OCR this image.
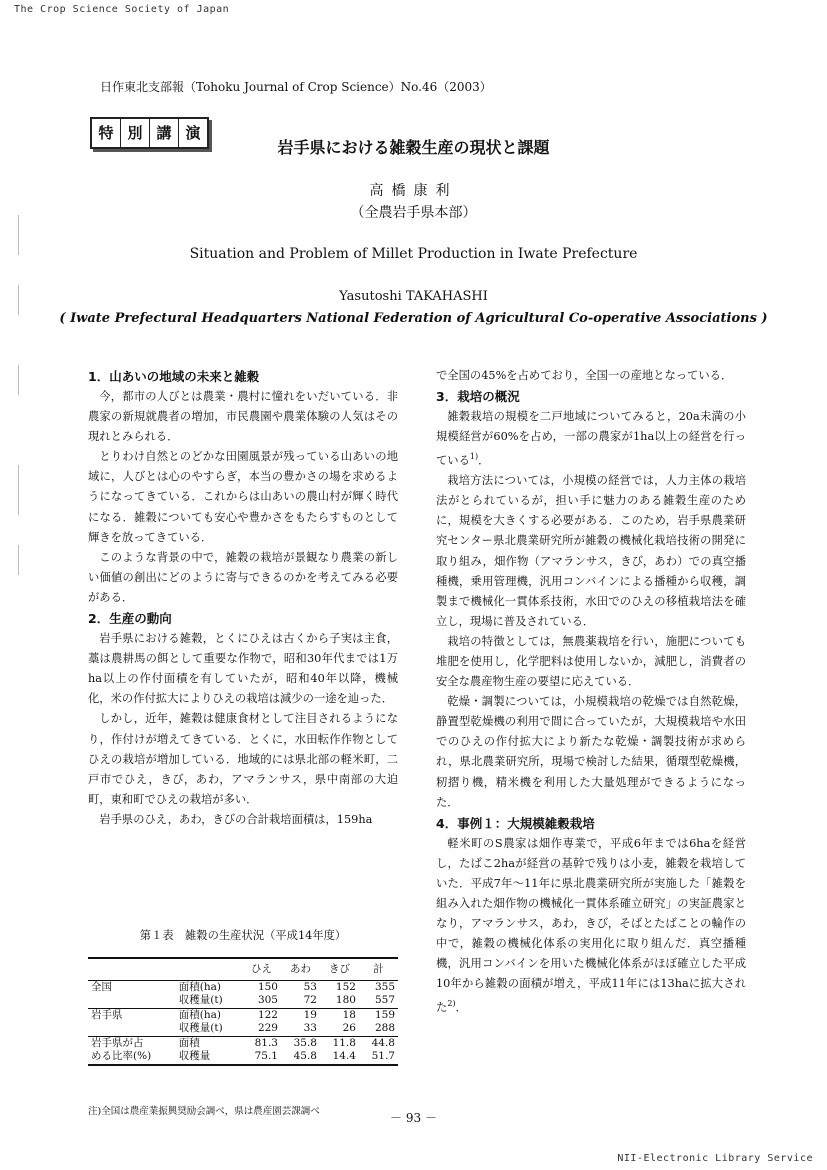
The Crop Science Society of Japan
NII-Electronic Library Service
日作東北支部報（Tohoku Journal of Crop Science）No.46（2003）
特 別 講 演
岩手県における雑穀生産の現状と課題
高橋康利
（全農岩手県本部）
Situation and Problem of Millet Production in Iwate Prefecture
Yasutoshi TAKAHASHI
( Iwate Prefectural Headquarters National Federation of Agricultural Co-operative Associations )
1．山あいの地域の未来と雑穀

今，都市の人びとは農業・農村に憧れをいだいている．非農家の新規就農者の増加，市民農園や農業体験の人気はその現れとみられる．

とりわけ自然とのどかな田園風景が残っている山あいの地域に，人びとは心のやすらぎ，本当の豊かさの場を求めるようになってきている．これからは山あいの農山村が輝く時代になる．雑穀についても安心や豊かさをもたらすものとして輝きを放ってきている．

このような背景の中で，雑穀の栽培が景観なり農業の新しい価値の創出にどのように寄与できるのかを考えてみる必要がある．

2．生産の動向

岩手県における雑穀，とくにひえは古くから子実は主食，藁は農耕馬の餌として重要な作物で，昭和30年代までは1万ha以上の作付面積を有していたが，昭和40年以降，機械化，米の作付拡大によりひえの栽培は減少の一途を辿った．

しかし，近年，雑穀は健康食材として注目されるようになり，作付けが増えてきている．とくに，水田転作作物としてひえの栽培が増加している．地域的には県北部の軽米町，二戸市でひえ，きび，あわ，アマランサス，県中南部の大迫町，東和町でひえの栽培が多い．

岩手県のひえ，あわ，きびの合計栽培面積は，159ha

第１表　雑穀の生産状況（平成14年度）
		ひえ	あわ	きび	計
全国	面積(ha)	150	53	152	355
	収穫量(t)	305	72	180	557
岩手県	面積(ha)	122	19	18	159
	収穫量(t)	229	33	26	288
岩手県が占	面積	81.3	35.8	11.8	44.8
める比率(%)	収穫量	75.1	45.8	14.4	51.7
注)全国は農産業振興奨励会調べ，県は農産園芸課調べ

で全国の45%を占めており，全国一の産地となっている．

3．栽培の概況

雑穀栽培の規模を二戸地域についてみると，20a未満の小規模経営が60%を占め，一部の農家が1ha以上の経営を行っている$^{1)}$．

栽培方法については，小規模の経営では，人力主体の栽培法がとられているが，担い手に魅力のある雑穀生産のために，規模を大きくする必要がある．このため，岩手県農業研究センター県北農業研究所が雑穀の機械化栽培技術の開発に取り組み，畑作物（アマランサス，きび，あわ）での真空播種機，乗用管理機，汎用コンバインによる播種から収穫，調製まで機械化一貫体系技術，水田でのひえの移植栽培法を確立し，現場に普及されている．

栽培の特徴としては，無農薬栽培を行い，施肥についても堆肥を使用し，化学肥料は使用しないか，減肥し，消費者の安全な農産物生産の要望に応えている．

乾燥・調製については，小規模栽培の乾燥では自然乾燥，静置型乾燥機の利用で間に合っていたが，大規模栽培や水田でのひえの作付拡大により新たな乾燥・調製技術が求められ，県北農業研究所，現場で検討した結果，循環型乾燥機，籾摺り機，精米機を利用した大量処理ができるようになった．

4．事例１：大規模雑穀栽培

軽米町のS農家は畑作専業で，平成6年までは6haを経営し，たばこ2haが経営の基幹で残りは小麦，雑穀を栽培していた．平成7年～11年に県北農業研究所が実施した「雑穀を組み入れた畑作物の機械化一貫体系確立研究」の実証農家となり，アマランサス，あわ，きび，そばとたばことの輪作の中で，雑穀の機械化体系の実用化に取り組んだ．真空播種機，汎用コンバインを用いた機械化体系がほぼ確立した平成10年から雑穀の面積が増え，平成11年には13haに拡大された$^{2)}$．

－ 93 －
